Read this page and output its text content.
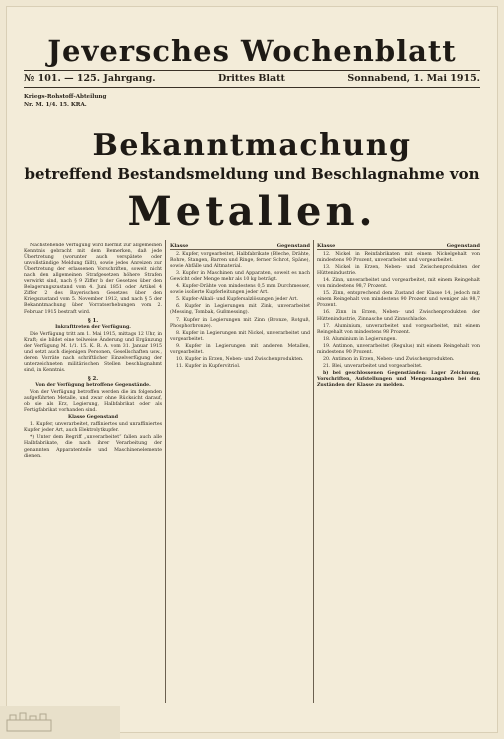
Jeversches Wochenblatt
№ 101. — 125. Jahrgang.	Drittes Blatt	Sonnabend, 1. Mai 1915.
Kriegs-Rohstoff-Abteilung
Nr. M. 1/4. 15. KRA.
Bekanntmachung
betreffend Bestandsmeldung und Beschlagnahme von
Metallen.

Nachstehende Verfügung wird hiermit zur allgemeinen Kenntnis gebracht mit dem Bemerken, daß jede Übertretung (worunter auch verspätete oder unvollständige Meldung fällt), sowie jedes Anreizen zur Übertretung der erlassenen Vorschriften, soweit nicht nach den allgemeinen Strafgesetzen höhere Strafen verwirkt sind, nach § 9 Ziffer b der Gesetzes über den Belagerungszustand vom 4. Juni 1851 oder Artikel 4 Ziffer 2 des Bayerischen Gesetzes über den Kriegszustand vom 5. November 1912, und nach § 5 der Bekanntmachung über Vorratserhebungen vom 2. Februar 1915 bestraft wird.

§ 1.
Inkrafttreten der Verfügung.

Die Verfügung tritt am 1. Mai 1915, mittags 12 Uhr, in Kraft; sie bildet eine teilweise Änderung und Ergänzung der Verfügung M. 1/1. 15. K. R. A. vom 31. Januar 1915 und setzt auch diejenigen Personen, Gesellschaften usw., deren Vorräte nach schriftlicher Einzelverfügung der unterzeichneten militärischen Stellen beschlagnahmt sind, in Kenntnis.

§ 2.
Von der Verfügung betroffene Gegenstände.

Von der Verfügung betroffen werden die im folgenden aufgeführten Metalle, und zwar ohne Rücksicht darauf, ob sie als Erz, Legierung, Halbfabrikat oder als Fertigfabrikat vorhanden sind.

Klasse Gegenstand

1. Kupfer, unverarbeitet, raffiniertes und unraffiniertes Kupfer jeder Art, auch Elektrolytkupfer.

*) Unter dem Begriff „unverarbeitet“ fallen auch alle Halbfabrikate, die nach ihrer Verarbeitung der genannten Apparatenteile und Maschinenelemente dienen.

Klasse	Gegenstand

2. Kupfer, vorgearbeitet, Halbfabrikate (Bleche, Drähte, Rohre, Stangen, Barren und Ringe, ferner Schrot, Späne), sowie Abfälle und Altmaterial.

3. Kupfer in Maschinen und Apparaten, soweit es nach Gewicht oder Menge mehr als 10 kg beträgt.

4. Kupfer-Drähte von mindestens 0,5 mm Durchmesser, sowie isolierte Kupferleitungen jeder Art.

5. Kupfer-Alkali- und Kupfersalzlösungen jeder Art.

6. Kupfer in Legierungen mit Zink, unverarbeitet (Messing, Tombak, Gußmessing).

7. Kupfer in Legierungen mit Zinn (Bronze, Rotguß, Phosphorbronze).

8. Kupfer in Legierungen mit Nickel, unverarbeitet und vorgearbeitet.

9. Kupfer in Legierungen mit anderen Metallen, vorgearbeitet.

10. Kupfer in Erzen, Neben- und Zwischenprodukten.

11. Kupfer in Kupfervitriol.

Klasse	Gegenstand

12. Nickel in Reinfabrikaten mit einem Nickelgehalt von mindestens 90 Prozent, unverarbeitet und vorgearbeitet.

13. Nickel in Erzen, Neben- und Zwischenprodukten der Hüttenindustrie.

14. Zinn, unverarbeitet und vorgearbeitet, mit einem Reingehalt von mindestens 98,7 Prozent.

15. Zinn, entsprechend dem Zustand der Klasse 14, jedoch mit einem Reingehalt von mindestens 90 Prozent und weniger als 98,7 Prozent.

16. Zinn in Erzen, Neben- und Zwischenprodukten der Hüttenindustrie, Zinnasche und Zinnschlacke.

17. Aluminium, unverarbeitet und vorgearbeitet, mit einem Reingehalt von mindestens 98 Prozent.

18. Aluminium in Legierungen.

19. Antimon, unverarbeitet (Regulus) mit einem Reingehalt von mindestens 90 Prozent.

20. Antimon in Erzen, Neben- und Zwischenprodukten.

21. Blei, unverarbeitet und vorgearbeitet.

b) bei geschlossenen Gegenständen: Lager Zeichnung, Vorschriften, Aufstellungen und Mengenangaben bei den Zuständen der Klasse zu melden.
